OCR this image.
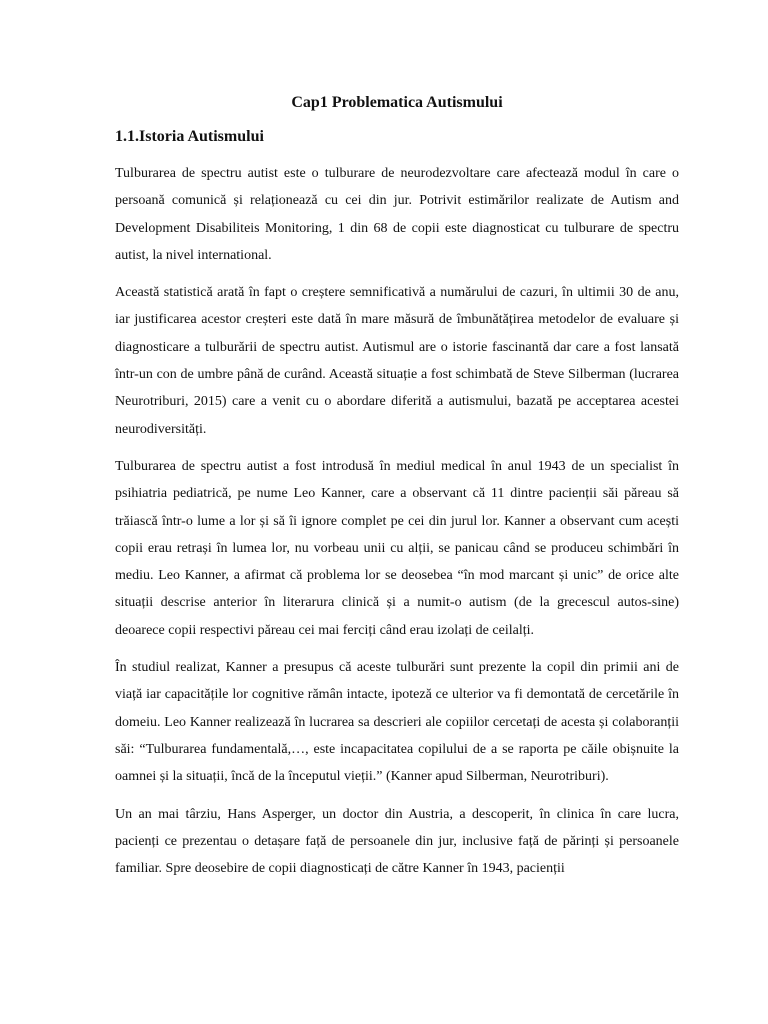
Cap1 Problematica Autismului
1.1.Istoria Autismului

Tulburarea de spectru autist este o tulburare de neurodezvoltare care afectează modul în care o persoană comunică și relaționează cu cei din jur. Potrivit estimărilor realizate de Autism and Development Disabiliteis Monitoring, 1 din 68 de copii este diagnosticat cu tulburare de spectru autist, la nivel international.

Această statistică arată în fapt o creștere semnificativă a numărului de cazuri, în ultimii 30 de anu, iar justificarea acestor creșteri este dată în mare măsură de îmbunătățirea metodelor de evaluare și diagnosticare a tulburării de spectru autist. Autismul are o istorie fascinantă dar care a fost lansată într-un con de umbre până de curând. Această situație a fost schimbată de Steve Silberman (lucrarea Neurotriburi, 2015) care a venit cu o abordare diferită a autismului, bazată pe acceptarea acestei neurodiversități.

Tulburarea de spectru autist a fost introdusă în mediul medical în anul 1943 de un specialist în psihiatria pediatrică, pe nume Leo Kanner, care a observant că 11 dintre pacienții săi păreau să trăiască într-o lume a lor și să îi ignore complet pe cei din jurul lor. Kanner a observant cum acești copii erau retrași în lumea lor, nu vorbeau unii cu alții, se panicau când se produceu schimbări în mediu. Leo Kanner, a afirmat că problema lor se deosebea “în mod marcant și unic” de orice alte situații descrise anterior în literarura clinică și a numit-o autism (de la grecescul autos-sine) deoarece copii respectivi păreau cei mai ferciți când erau izolați de ceilalți.

În studiul realizat, Kanner a presupus că aceste tulburări sunt prezente la copil din primii ani de viață iar capacitățile lor cognitive rămân intacte, ipoteză ce ulterior va fi demontată de cercetările în domeiu. Leo Kanner realizează în lucrarea sa descrieri ale copiilor cercetați de acesta și colaboranții săi: “Tulburarea fundamentală,…, este incapacitatea copilului de a se raporta pe căile obișnuite la oamnei și la situații, încă de la începutul vieții.” (Kanner apud Silberman, Neurotriburi).

Un an mai târziu, Hans Asperger, un doctor din Austria, a descoperit, în clinica în care lucra, pacienți ce prezentau o detașare față de persoanele din jur, inclusive față de părinți și persoanele familiar. Spre deosebire de copii diagnosticați de către Kanner în 1943, pacienții
